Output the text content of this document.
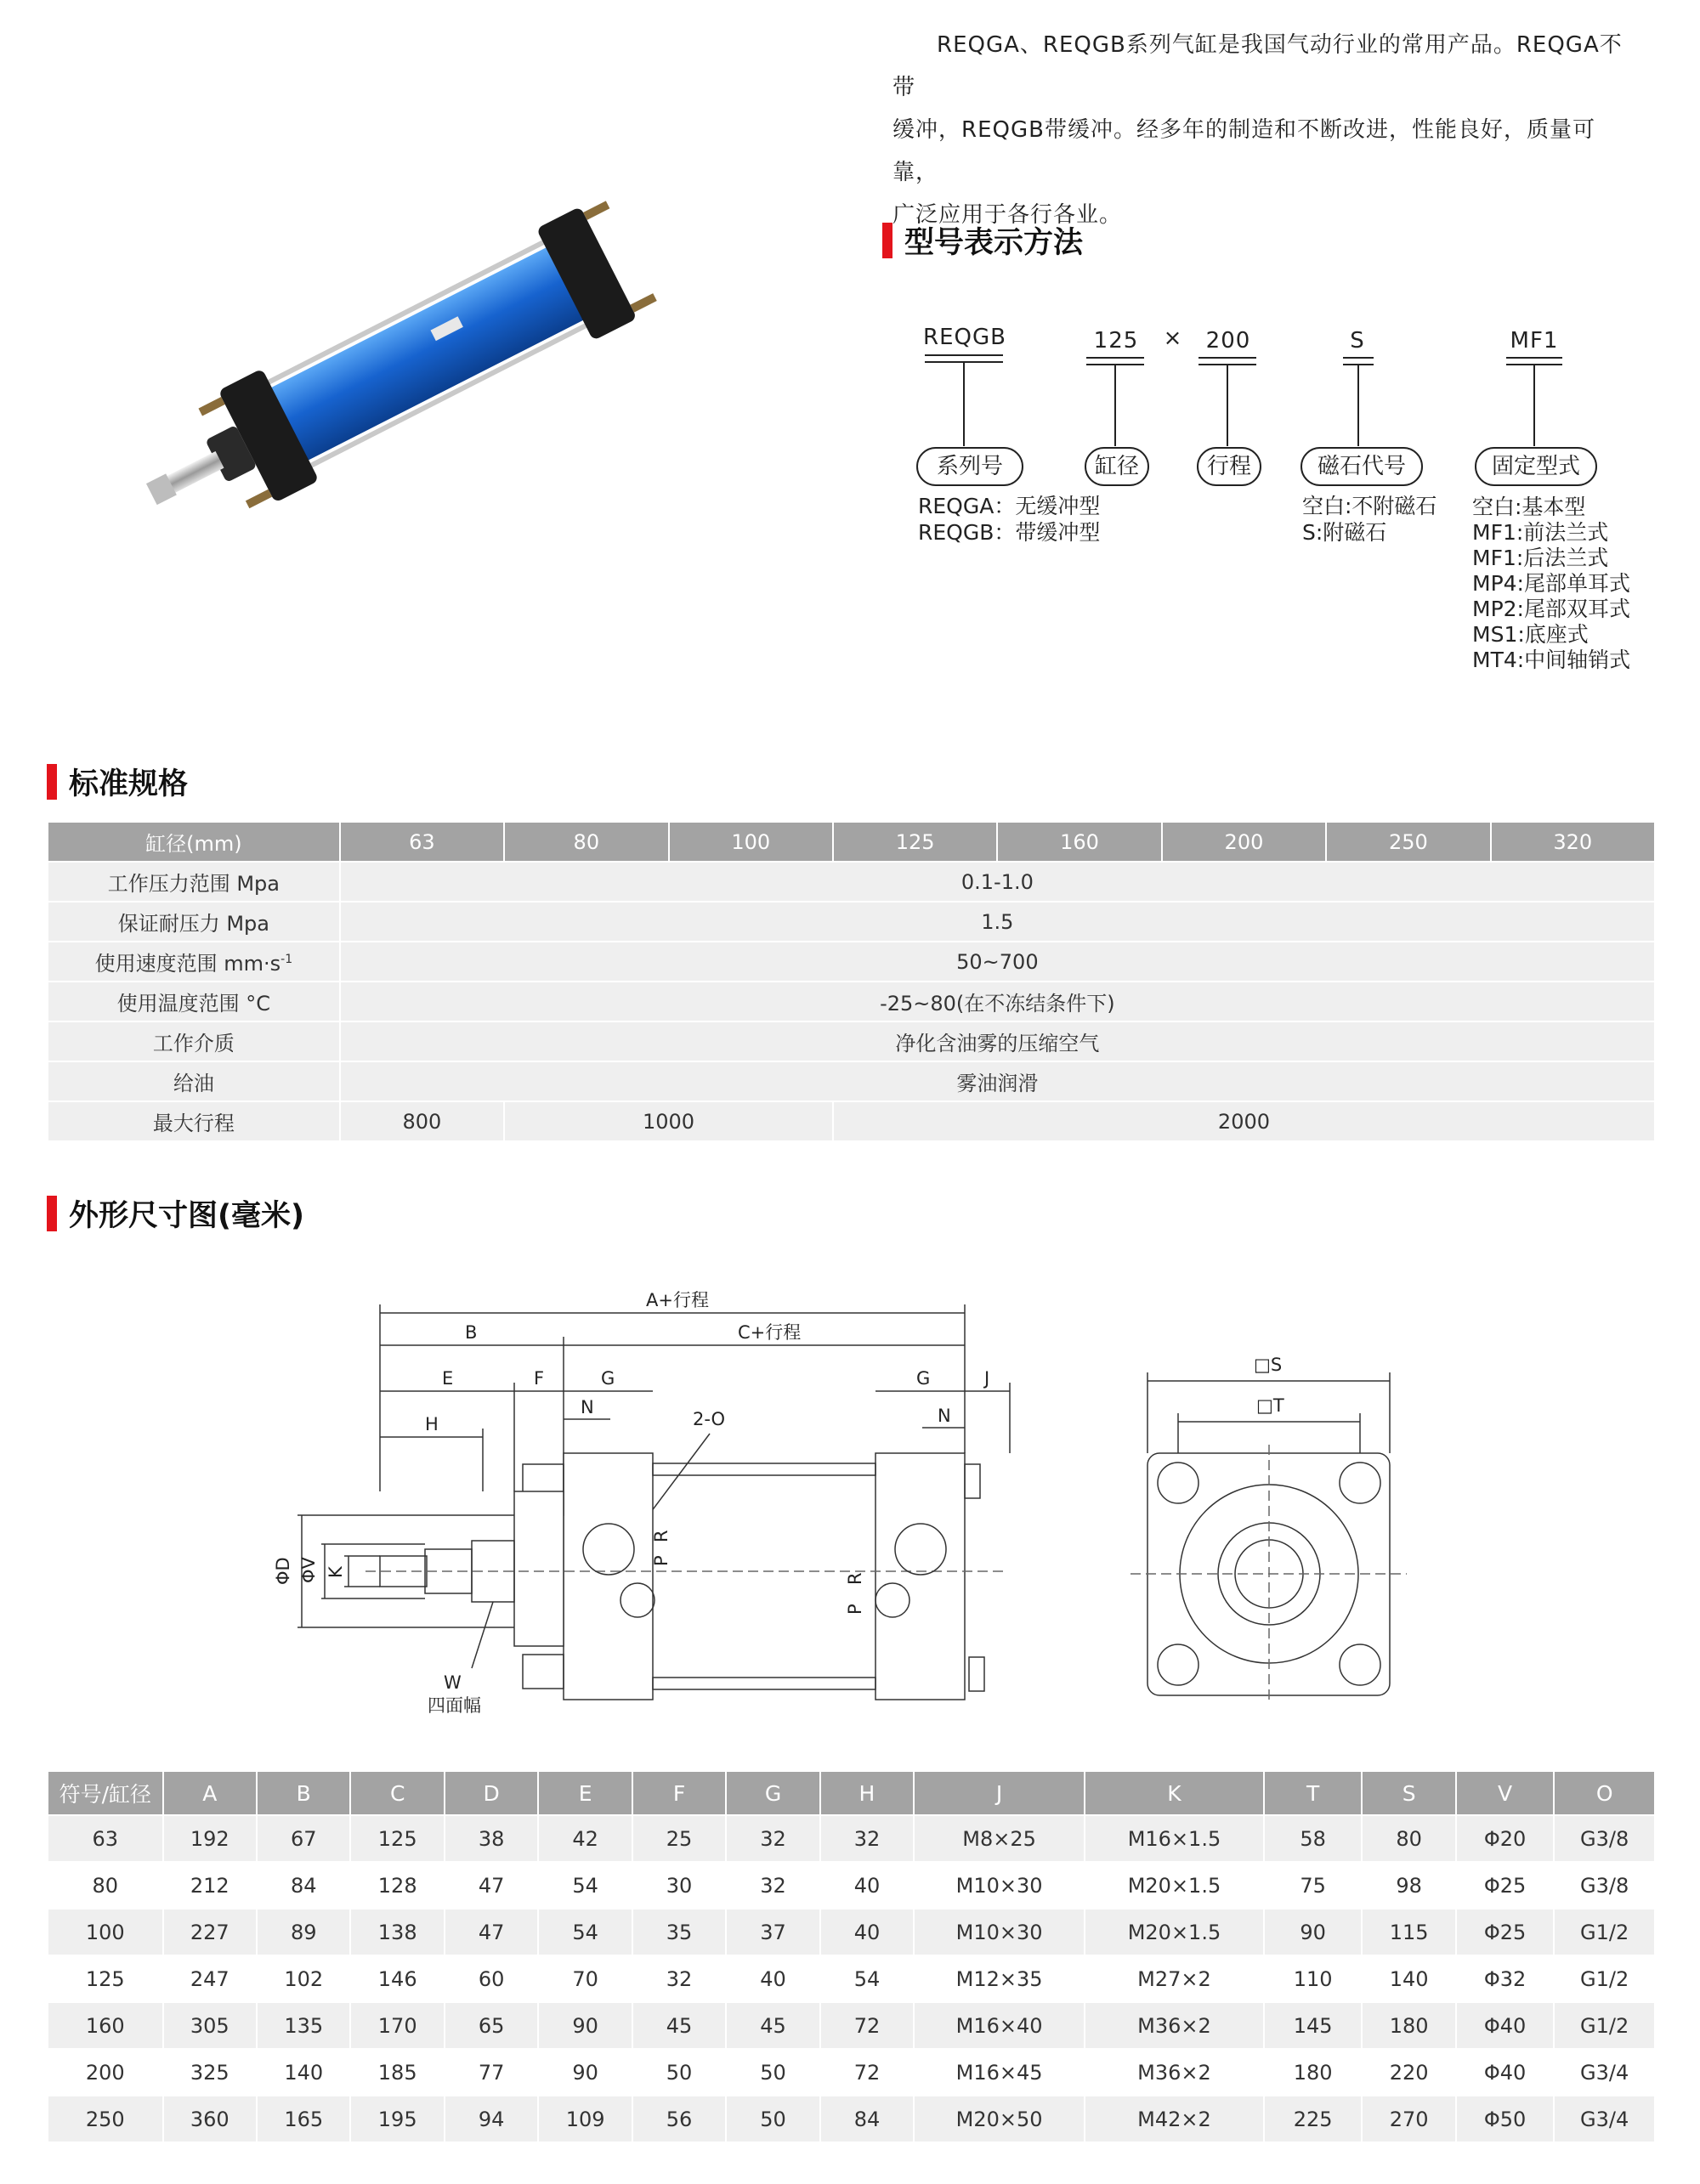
REQGA、REQGB系列气缸是我国气动行业的常用产品。REQGA不带

缓冲，REQGB带缓冲。经多年的制造和不断改进，性能良好，质量可靠，

广泛应用于各行各业。

型号表示方法
REQGB	125	×	200	S	MF1
系列号	缸径	行程	磁石代号	固定型式
REQGA：无缓冲型
REQGB：带缓冲型
空白:不附磁石
S:附磁石
空白:基本型
MF1:前法兰式
MF1:后法兰式
MP4:尾部单耳式
MP2:尾部双耳式
MS1:底座式
MT4:中间轴销式
标准规格
缸径(mm)	63	80	100	125	160	200	250	320
工作压力范围 Mpa	0.1-1.0							
保证耐压力 Mpa	1.5							
使用速度范围 $mm\cdot s^{-1}$	50~700							
使用温度范围 °C	-25~80(在不冻结条件下)							
工作介质	净化含油雾的压缩空气							
给油	雾油润滑							
最大行程	800	1000		2000				
外形尺寸图(毫米)
A+行程
B	C+行程
E	F	G	G	J
H
N	N
2-O
ΦD ΦV K
P
R
P
R
W
四面幅
□S
□T
符号/缸径	A	B	C	D	E	F	G	H	J	K	T	S	V	O
63	192	67	125	38	42	25	32	32	M8×25	M16×1.5	58	80	Φ20	G3/8
80	212	84	128	47	54	30	32	40	M10×30	M20×1.5	75	98	Φ25	G3/8
100	227	89	138	47	54	35	37	40	M10×30	M20×1.5	90	115	Φ25	G1/2
125	247	102	146	60	70	32	40	54	M12×35	M27×2	110	140	Φ32	G1/2
160	305	135	170	65	90	45	45	72	M16×40	M36×2	145	180	Φ40	G1/2
200	325	140	185	77	90	50	50	72	M16×45	M36×2	180	220	Φ40	G3/4
250	360	165	195	94	109	56	50	84	M20×50	M42×2	225	270	Φ50	G3/4
